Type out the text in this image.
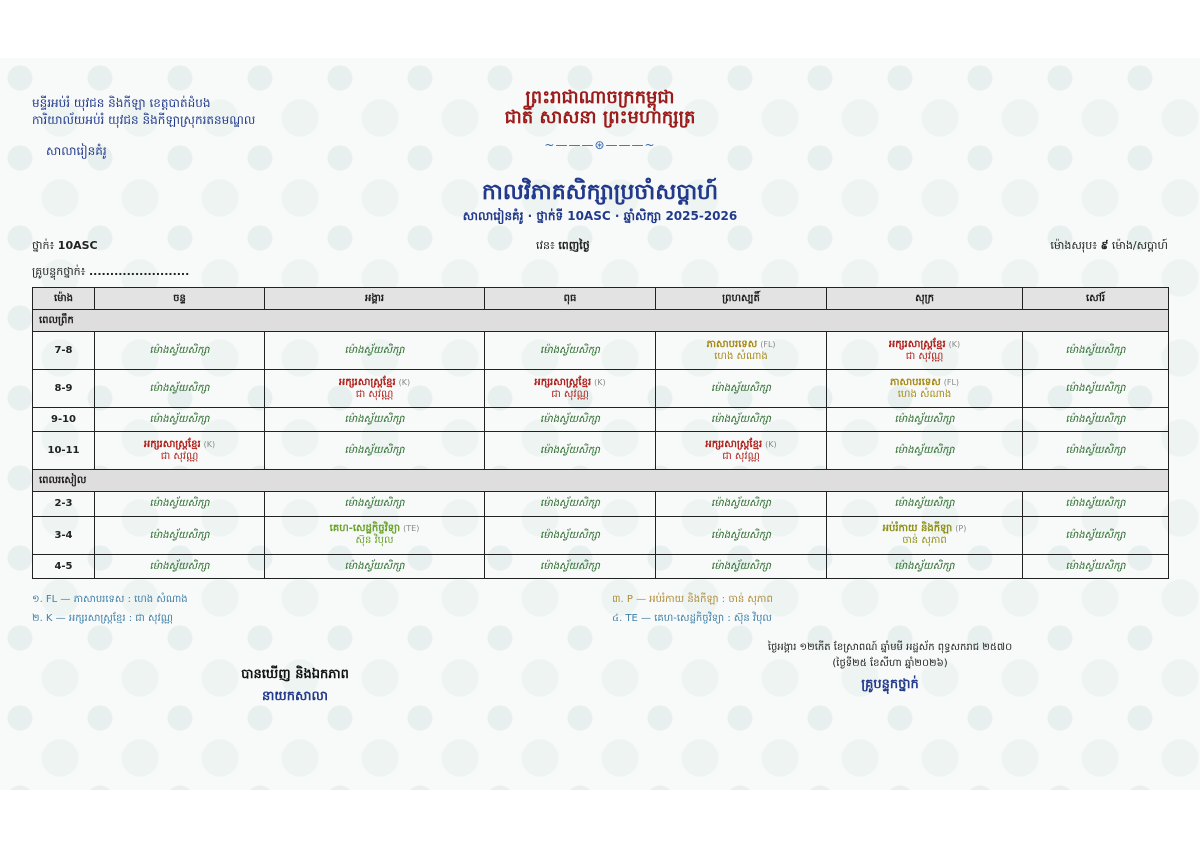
មន្ទីរអប់រំ យុវជន និងកីឡា ខេត្តបាត់ដំបង
ការិយាល័យអប់រំ យុវជន និងកីឡាស្រុករតនមណ្ឌល
សាលារៀនគំរូ
ព្រះរាជាណាចក្រកម្ពុជា
ជាតិ សាសនា ព្រះមហាក្សត្រ
~———⊛———~
កាលវិភាគសិក្សាប្រចាំសប្តាហ៍
សាលារៀនគំរូ · ថ្នាក់ទី 10ASC · ឆ្នាំសិក្សា 2025-2026
ថ្នាក់៖ 10ASC	វេន៖ ពេញថ្ងៃ	ម៉ោងសរុប៖ ៩ ម៉ោង/សប្តាហ៍
គ្រូបន្ទុកថ្នាក់៖ ........................
ម៉ោង	ចន្ទ	អង្គារ	ពុធ	ព្រហស្បតិ៍	សុក្រ	សៅរ៍
ពេលព្រឹក						
7-8	ម៉ោងស្វ័យសិក្សា	ម៉ោងស្វ័យសិក្សា	ម៉ោងស្វ័យសិក្សា	ភាសាបរទេស (FL)
ហេង សំណាង	អក្សរសាស្រ្តខ្មែរ (K)
ជា សុវណ្ណ	ម៉ោងស្វ័យសិក្សា
8-9	ម៉ោងស្វ័យសិក្សា	អក្សរសាស្រ្តខ្មែរ (K)
ជា សុវណ្ណ	អក្សរសាស្រ្តខ្មែរ (K)
ជា សុវណ្ណ	ម៉ោងស្វ័យសិក្សា	ភាសាបរទេស (FL)
ហេង សំណាង	ម៉ោងស្វ័យសិក្សា
9-10	ម៉ោងស្វ័យសិក្សា	ម៉ោងស្វ័យសិក្សា	ម៉ោងស្វ័យសិក្សា	ម៉ោងស្វ័យសិក្សា	ម៉ោងស្វ័យសិក្សា	ម៉ោងស្វ័យសិក្សា
10-11	អក្សរសាស្រ្តខ្មែរ (K)
ជា សុវណ្ណ	ម៉ោងស្វ័យសិក្សា	ម៉ោងស្វ័យសិក្សា	អក្សរសាស្រ្តខ្មែរ (K)
ជា សុវណ្ណ	ម៉ោងស្វ័យសិក្សា	ម៉ោងស្វ័យសិក្សា
ពេលរសៀល						
2-3	ម៉ោងស្វ័យសិក្សា	ម៉ោងស្វ័យសិក្សា	ម៉ោងស្វ័យសិក្សា	ម៉ោងស្វ័យសិក្សា	ម៉ោងស្វ័យសិក្សា	ម៉ោងស្វ័យសិក្សា
3-4	ម៉ោងស្វ័យសិក្សា	គេហ-សេដ្ឋកិច្ចវិទ្យា (TE)
ស៊ុន វិបុល	ម៉ោងស្វ័យសិក្សា	ម៉ោងស្វ័យសិក្សា	អប់រំកាយ និងកីឡា (P)
ចាន់ សុភាព	ម៉ោងស្វ័យសិក្សា
4-5	ម៉ោងស្វ័យសិក្សា	ម៉ោងស្វ័យសិក្សា	ម៉ោងស្វ័យសិក្សា	ម៉ោងស្វ័យសិក្សា	ម៉ោងស្វ័យសិក្សា	ម៉ោងស្វ័យសិក្សា
១. FL — ភាសាបរទេស : ហេង សំណាង
២. K — អក្សរសាស្រ្តខ្មែរ : ជា សុវណ្ណ
៣. P — អប់រំកាយ និងកីឡា : ចាន់ សុភាព
៤. TE — គេហ-សេដ្ឋកិច្ចវិទ្យា : ស៊ុន វិបុល
បានឃើញ និងឯកភាព
នាយកសាលា
ថ្ងៃអង្គារ ១២កើត ខែស្រាពណ៍ ឆ្នាំមមី អដ្ឋស័ក ពុទ្ធសករាជ ២៥៧០
(ថ្ងៃទី២៥ ខែសីហា ឆ្នាំ២០២៦)
គ្រូបន្ទុកថ្នាក់
